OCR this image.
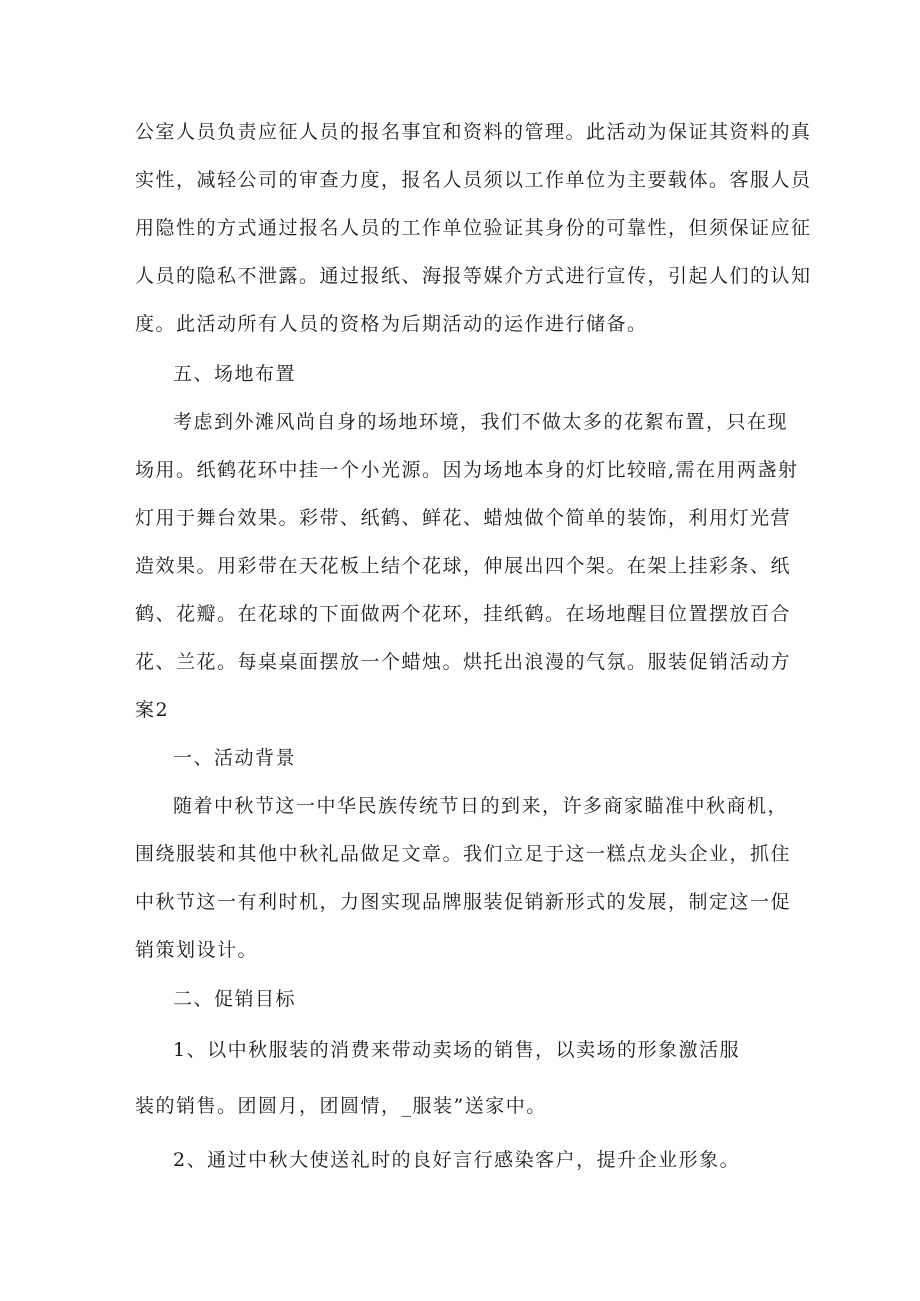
公室人员负责应征人员的报名事宜和资料的管理。此活动为保证其资料的真
实性，减轻公司的审查力度，报名人员须以工作单位为主要载体。客服人员
用隐性的方式通过报名人员的工作单位验证其身份的可靠性，但须保证应征
人员的隐私不泄露。通过报纸、海报等媒介方式进行宣传，引起人们的认知
度。此活动所有人员的资格为后期活动的运作进行储备。
五、场地布置
考虑到外滩风尚自身的场地环境，我们不做太多的花絮布置，只在现
场用。纸鹤花环中挂一个小光源。因为场地本身的灯比较暗,需在用两盏射
灯用于舞台效果。彩带、纸鹤、鲜花、蜡烛做个简单的装饰，利用灯光营
造效果。用彩带在天花板上结个花球，伸展出四个架。在架上挂彩条、纸
鹤、花瓣。在花球的下面做两个花环，挂纸鹤。在场地醒目位置摆放百合
花、兰花。每桌桌面摆放一个蜡烛。烘托出浪漫的气氛。服装促销活动方
案2
一、活动背景
随着中秋节这一中华民族传统节日的到来，许多商家瞄准中秋商机，
围绕服装和其他中秋礼品做足文章。我们立足于这一糕点龙头企业，抓住
中秋节这一有利时机，力图实现品牌服装促销新形式的发展，制定这一促
销策划设计。
二、促销目标
1、以中秋服装的消费来带动卖场的销售，以卖场的形象激活服
装的销售。团圆月，团圆情，_服装”送家中。
2、通过中秋大使送礼时的良好言行感染客户，提升企业形象。
